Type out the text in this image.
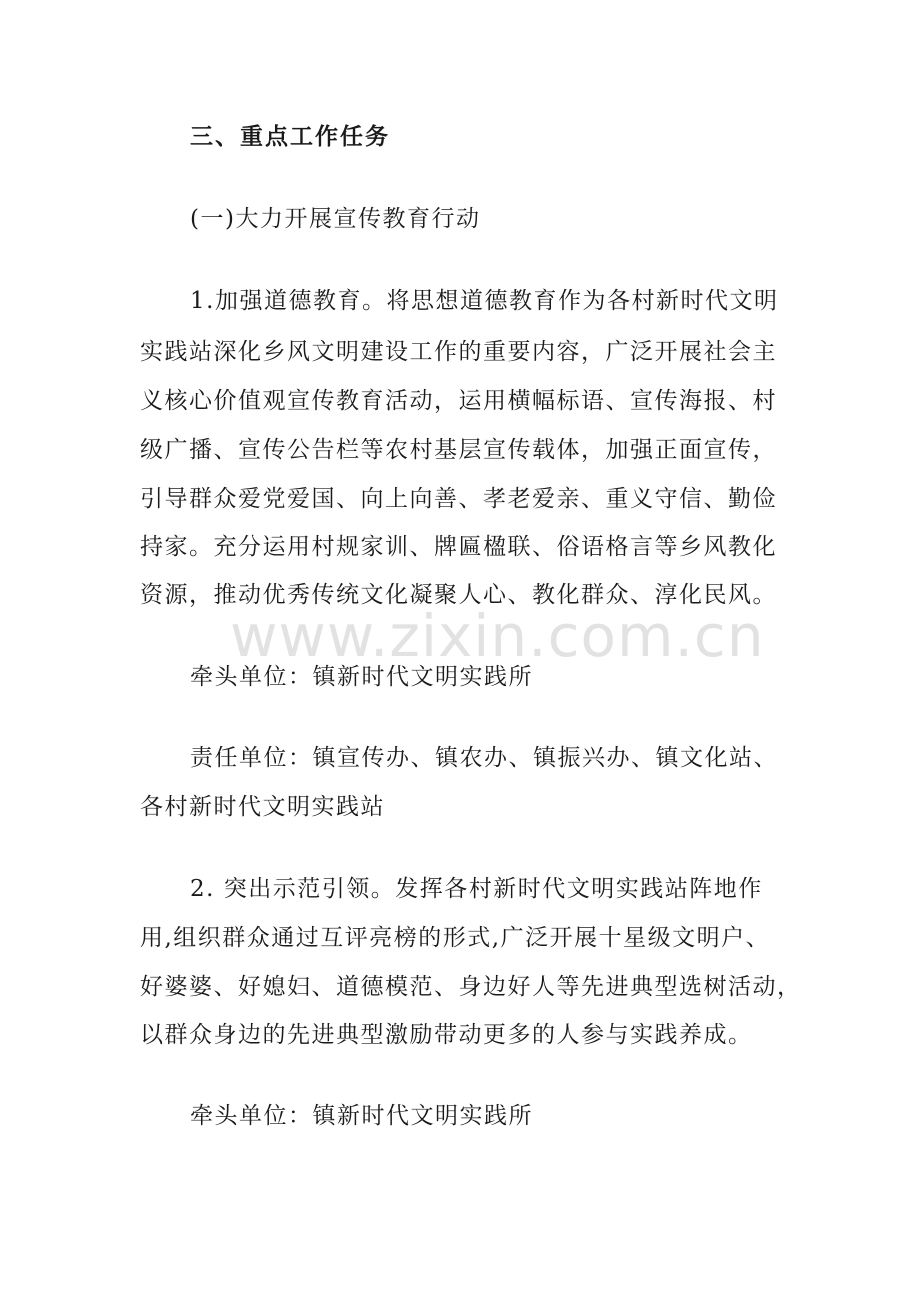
三、重点工作任务
(一)大力开展宣传教育行动
1.加强道德教育。将思想道德教育作为各村新时代文明
实践站深化乡风文明建设工作的重要内容，广泛开展社会主
义核心价值观宣传教育活动，运用横幅标语、宣传海报、村
级广播、宣传公告栏等农村基层宣传载体，加强正面宣传，
引导群众爱党爱国、向上向善、孝老爱亲、重义守信、勤俭
持家。充分运用村规家训、牌匾楹联、俗语格言等乡风教化
资源，推动优秀传统文化凝聚人心、教化群众、淳化民风。
牵头单位：镇新时代文明实践所
责任单位：镇宣传办、镇农办、镇振兴办、镇文化站、
各村新时代文明实践站
2. 突出示范引领。发挥各村新时代文明实践站阵地作
用,组织群众通过互评亮榜的形式,广泛开展十星级文明户、
好婆婆、好媳妇、道德模范、身边好人等先进典型选树活动，
以群众身边的先进典型激励带动更多的人参与实践养成。
牵头单位：镇新时代文明实践所
www.zixin.com.cn
